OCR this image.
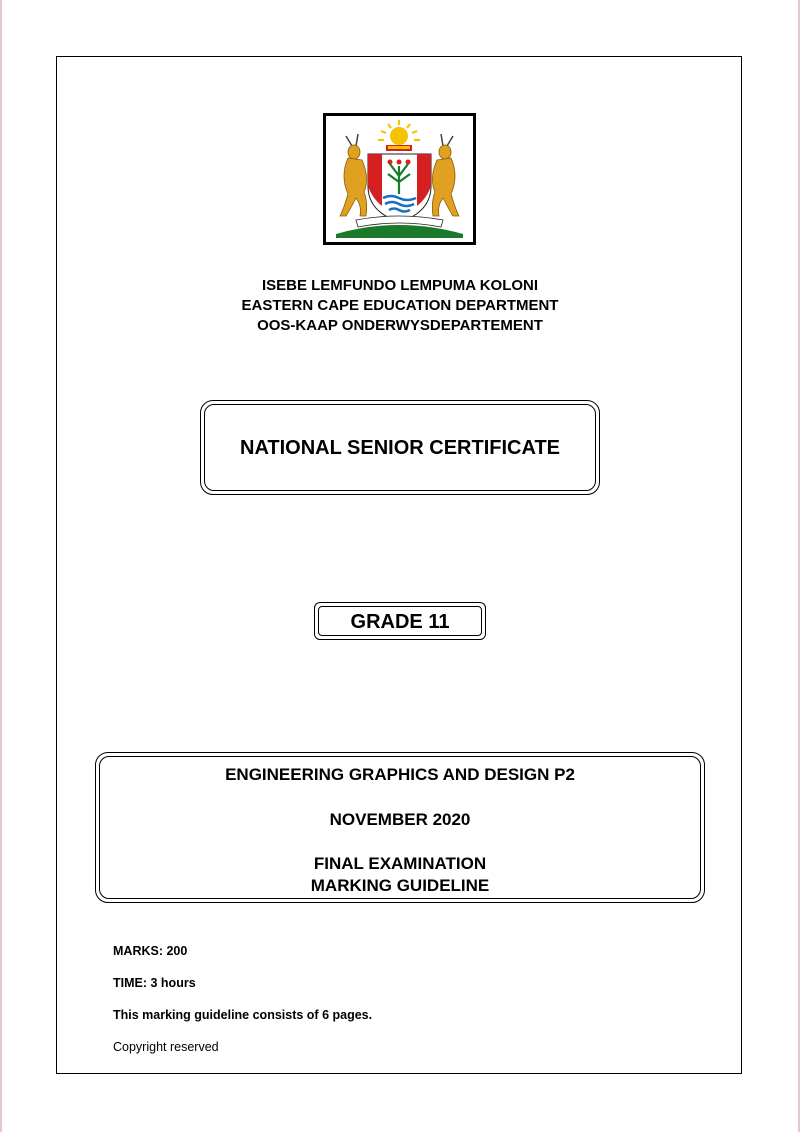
ISEBE LEMFUNDO LEMPUMA KOLONI
EASTERN CAPE EDUCATION DEPARTMENT
OOS-KAAP ONDERWYSDEPARTEMENT
NATIONAL SENIOR CERTIFICATE
GRADE 11
ENGINEERING GRAPHICS AND DESIGN P2
NOVEMBER 2020
FINAL EXAMINATION
MARKING GUIDELINE
MARKS: 200
TIME: 3 hours
This marking guideline consists of 6 pages.
Copyright reserved
